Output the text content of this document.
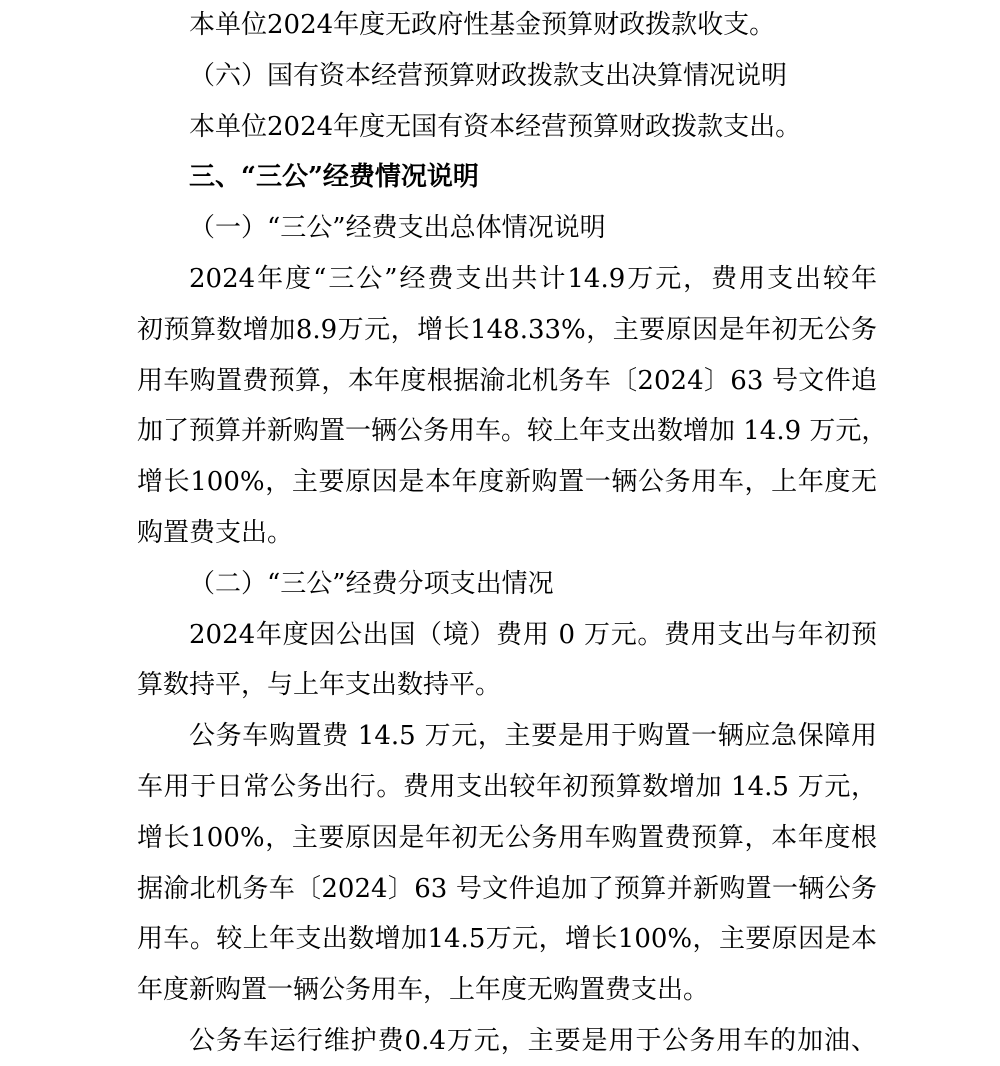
本单位2024年度无政府性基金预算财政拨款收支。
（六）国有资本经营预算财政拨款支出决算情况说明
本单位2024年度无国有资本经营预算财政拨款支出。
三、“三公”经费情况说明
（一）“三公”经费支出总体情况说明
2024年度“三公”经费支出共计14.9万元，费用支出较年
初预算数增加8.9万元，增长148.33%，主要原因是年初无公务
用车购置费预算，本年度根据渝北机务车〔2024〕63 号文件追
加了预算并新购置一辆公务用车。较上年支出数增加 14.9 万元，
增长100%，主要原因是本年度新购置一辆公务用车，上年度无
购置费支出。
（二）“三公”经费分项支出情况
2024年度因公出国（境）费用 0 万元。费用支出与年初预
算数持平，与上年支出数持平。
公务车购置费 14.5 万元，主要是用于购置一辆应急保障用
车用于日常公务出行。费用支出较年初预算数增加 14.5 万元，
增长100%，主要原因是年初无公务用车购置费预算，本年度根
据渝北机务车〔2024〕63 号文件追加了预算并新购置一辆公务
用车。较上年支出数增加14.5万元，增长100%，主要原因是本
年度新购置一辆公务用车，上年度无购置费支出。
公务车运行维护费0.4万元，主要是用于公务用车的加油、
